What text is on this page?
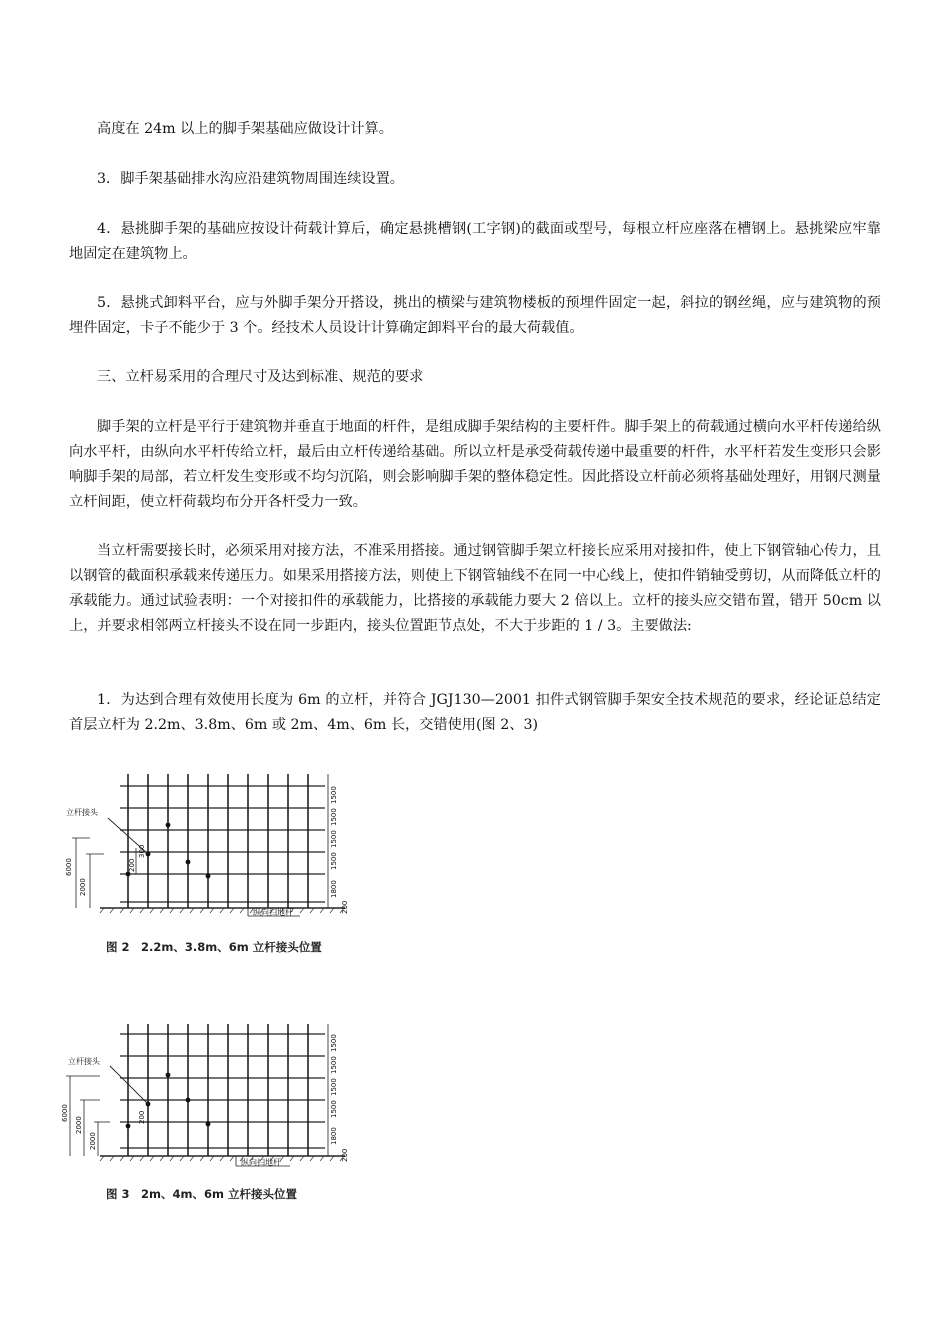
高度在 24m 以上的脚手架基础应做设计计算。

3．脚手架基础排水沟应沿建筑物周围连续设置。

4．悬挑脚手架的基础应按设计荷载计算后，确定悬挑槽钢(工字钢)的截面或型号，每根立杆应座落在槽钢上。悬挑梁应牢靠地固定在建筑物上。

5．悬挑式卸料平台，应与外脚手架分开搭设，挑出的横梁与建筑物楼板的预埋件固定一起，斜拉的钢丝绳，应与建筑物的预埋件固定，卡子不能少于 3 个。经技术人员设计计算确定卸料平台的最大荷载值。

三、立杆易采用的合理尺寸及达到标准、规范的要求

脚手架的立杆是平行于建筑物并垂直于地面的杆件，是组成脚手架结构的主要杆件。脚手架上的荷载通过横向水平杆传递给纵向水平杆，由纵向水平杆传给立杆，最后由立杆传递给基础。所以立杆是承受荷载传递中最重要的杆件，水平杆若发生变形只会影响脚手架的局部，若立杆发生变形或不均匀沉陷，则会影响脚手架的整体稳定性。因此搭设立杆前必须将基础处理好，用钢尺测量立杆间距，使立杆荷载均布分开各杆受力一致。

当立杆需要接长时，必须采用对接方法，不准采用搭接。通过钢管脚手架立杆接长应采用对接扣件，使上下钢管轴心传力，且以钢管的截面积承载来传递压力。如果采用搭接方法，则使上下钢管轴线不在同一中心线上，使扣件销轴受剪切，从而降低立杆的承载能力。通过试验表明：一个对接扣件的承载能力，比搭接的承载能力要大 2 倍以上。立杆的接头应交错布置，错开 50cm 以上，并要求相邻两立杆接头不设在同一步距内，接头位置距节点处，不大于步距的 1 / 3。主要做法:

1．为达到合理有效使用长度为 6m 的立杆，并符合 JGJ130—2001 扣件式钢管脚手架安全技术规范的要求，经论证总结定首层立杆为 2.2m、3.8m、6m 或 2m、4m、6m 长，交错使用(图 2、3)

立杆接头
6000
2000
300
200
1500
1500
1500
1500
1800
200
纵向扫地杆
图 2　2.2m、3.8m、6m 立杆接头位置
立杆接头
6000
2000
2000
200
1500
1500
1500
1500
1800
200
纵向扫地杆
图 3　2m、4m、6m 立杆接头位置
